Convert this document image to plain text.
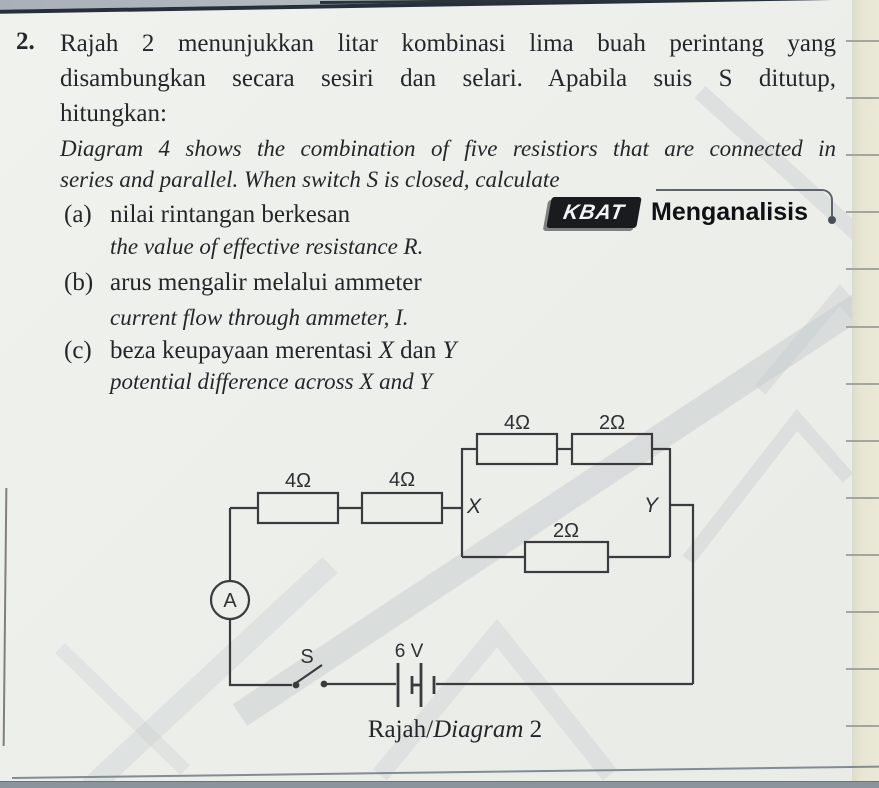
2. Rajah 2 menunjukkan litar kombinasi lima buah perintang yang
disambungkan secara sesiri dan selari. Apabila suis S ditutup,
hitungkan:
Diagram 4 shows the combination of five resistiors that are connected in
series and parallel. When switch S is closed, calculate
(a) nilai rintangan berkesan
the value of effective resistance R.
(b) arus mengalir melalui ammeter
current flow through ammeter, I.
(c) beza keupayaan merentasi X dan Y
potential difference across X and Y
KBAT Menganalisis
4Ω	4Ω
4Ω	2Ω
2Ω
X	Y
A
S	6 V
Rajah/Diagram 2
